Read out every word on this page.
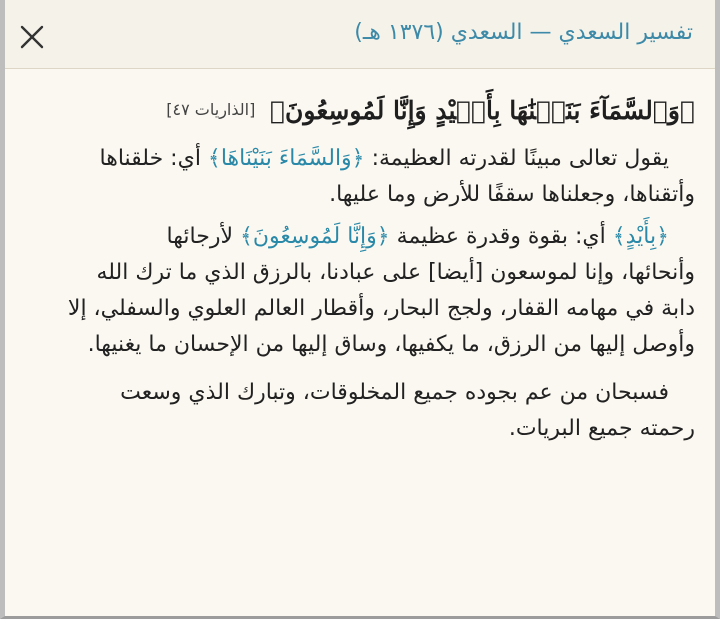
تفسير السعدي — السعدي (١٣٧٦ هـ)
﴿وَٱلسَّمَآءَ بَنَيۡنَٰهَا بِأَيۡيْدٍ وَإِنَّا لَمُوسِعُونَ﴾ [الذاريات ٤٧]

يقول تعالى مبينًا لقدرته العظيمة: ﴿وَالسَّمَاءَ بَنَيْنَاهَا﴾ أي: خلقناها

وأتقناها، وجعلناها سقفًا للأرض وما عليها.

﴿بِأَيْدٍ﴾ أي: بقوة وقدرة عظيمة ﴿وَإِنَّا لَمُوسِعُونَ﴾ لأرجائها

وأنحائها، وإنا لموسعون [أيضا] على عبادنا، بالرزق الذي ما ترك الله

دابة في مهامه القفار، ولجج البحار، وأقطار العالم العلوي والسفلي، إلا

وأوصل إليها من الرزق، ما يكفيها، وساق إليها من الإحسان ما يغنيها.

فسبحان من عم بجوده جميع المخلوقات، وتبارك الذي وسعت

رحمته جميع البريات.
